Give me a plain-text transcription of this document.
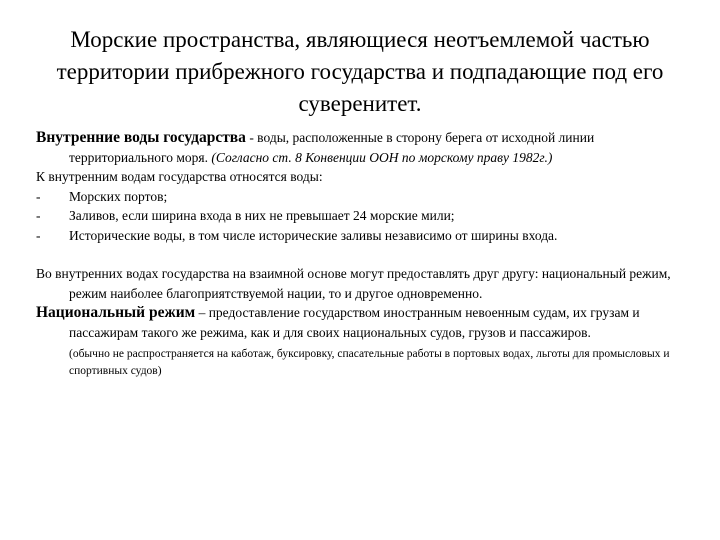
Морские пространства, являющиеся неотъемлемой частью территории прибрежного государства и подпадающие под его суверенитет.

Внутренние воды государства - воды, расположенные в сторону берега от исходной линии территориального моря. (Согласно ст. 8 Конвенции ООН по морскому праву 1982г.)

К внутренним водам государства относятся воды:

- Морских портов;

- Заливов, если ширина входа в них не превышает 24 морские мили;

- Исторические воды, в том числе исторические заливы независимо от ширины входа.

Во внутренних водах государства на взаимной основе могут предоставлять друг другу: национальный режим, режим наиболее благоприятствуемой нации, то и другое одновременно.

Национальный режим – предоставление государством иностранным невоенным судам, их грузам и пассажирам такого же режима, как и для своих национальных судов, грузов и пассажиров.

(обычно не распространяется на каботаж, буксировку, спасательные работы в портовых водах, льготы для промысловых и спортивных судов)
